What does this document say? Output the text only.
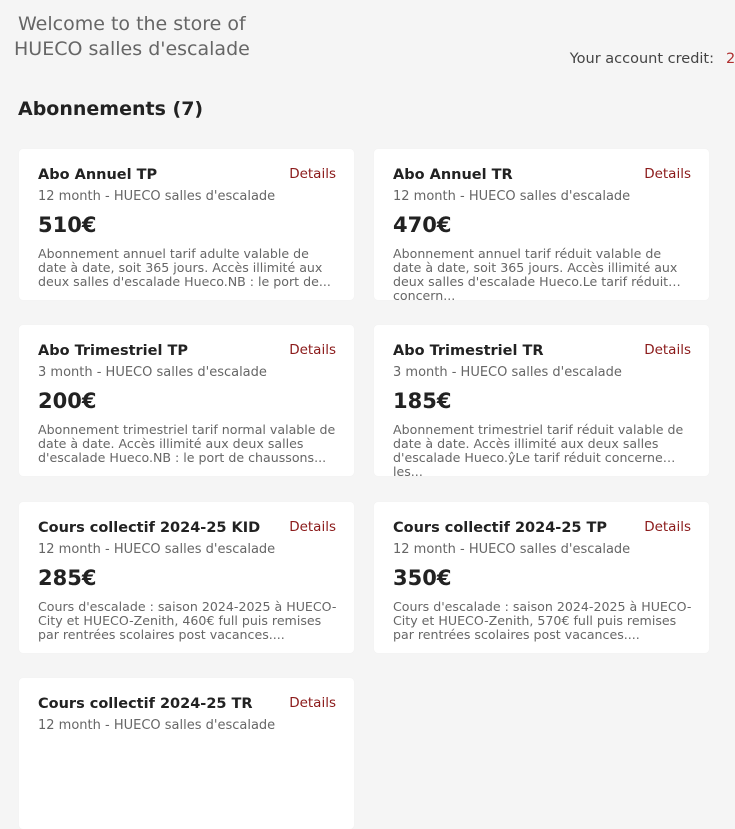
Welcome to the store of
HUECO salles d'escalade	Your account credit: 2
Abonnements (7)
Abo Annuel TP	Details
12 month - HUECO salles d'escalade
510€
Abonnement annuel tarif adulte valable de date à date, soit 365 jours. Accès illimité aux deux salles d'escalade Hueco.NB : le port de...
Abo Annuel TR	Details
12 month - HUECO salles d'escalade
470€
Abonnement annuel tarif réduit valable de date à date, soit 365 jours. Accès illimité aux deux salles d'escalade Hueco.Le tarif réduit concern...
Abo Trimestriel TP	Details
3 month - HUECO salles d'escalade
200€
Abonnement trimestriel tarif normal valable de date à date. Accès illimité aux deux salles d'escalade Hueco.NB : le port de chaussons...
Abo Trimestriel TR	Details
3 month - HUECO salles d'escalade
185€
Abonnement trimestriel tarif réduit valable de date à date. Accès illimité aux deux salles d'escalade Hueco.ŷLe tarif réduit concerne les...
Cours collectif 2024-25 KID Details
12 month - HUECO salles d'escalade
285€
Cours d'escalade : saison 2024-2025 à HUECO-City et HUECO-Zenith, 460€ full puis remises par rentrées scolaires post vacances....
Cours collectif 2024-25 TP	Details
12 month - HUECO salles d'escalade
350€
Cours d'escalade : saison 2024-2025 à HUECO-City et HUECO-Zenith, 570€ full puis remises par rentrées scolaires post vacances....
Cours collectif 2024-25 TR	Details
12 month - HUECO salles d'escalade
